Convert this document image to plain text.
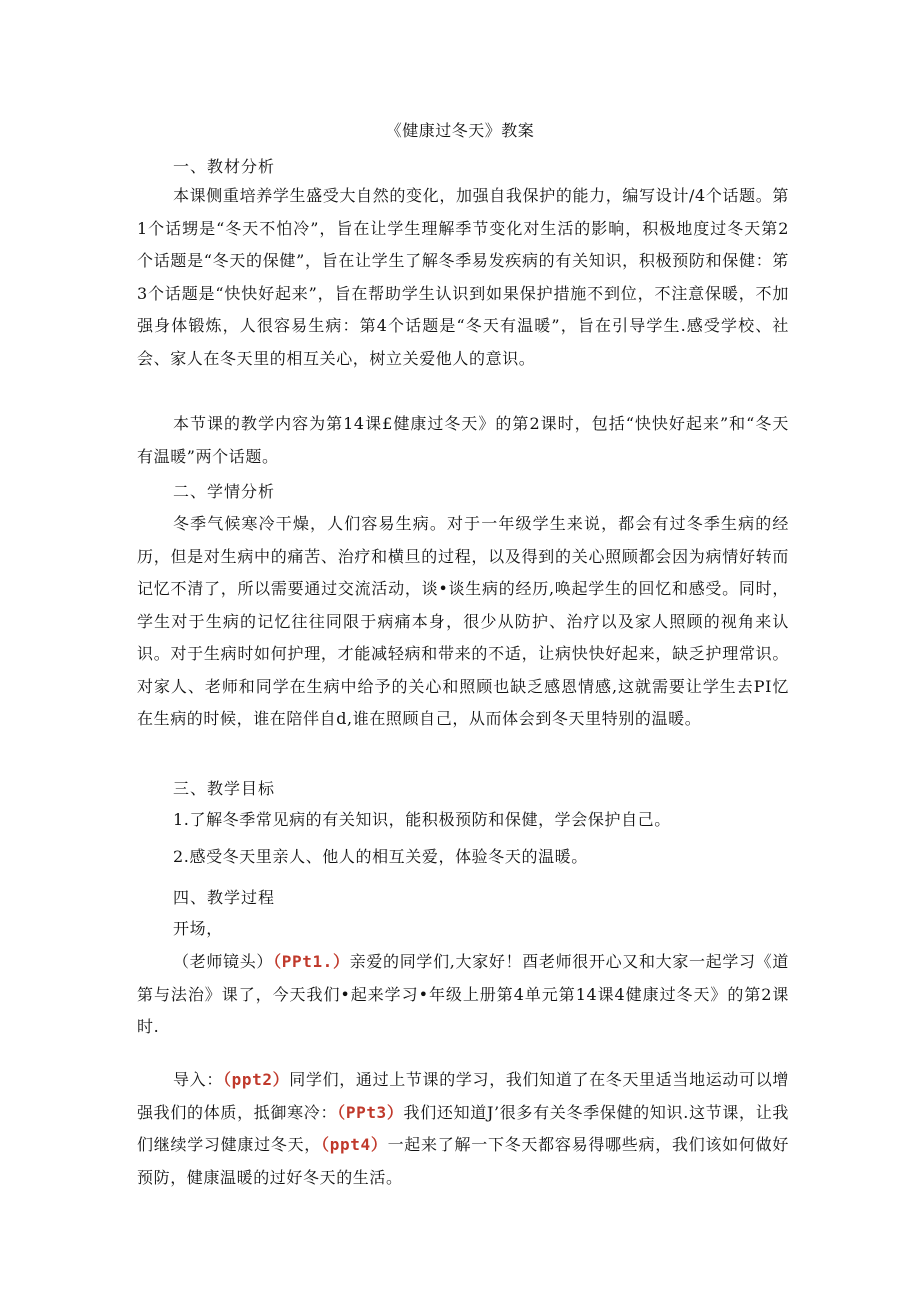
《健康过冬天》教案
一、教材分析

本课侧重培养学生盛受大自然的变化，加强自我保护的能力，编写设计/4个话题。第1个话甥是“冬天不怕冷”，旨在让学生理解季节变化对生活的影晌，积极地度过冬天第2个话题是“冬天的保健”，旨在让学生了解冬季易发疾病的有关知识，积极预防和保健：笫3个话题是“快快好起来”，旨在帮助学生认识到如果保护措施不到位，不注意保暖，不加强身体锻炼，人很容易生病：第4个话题是“冬天有温暖”，旨在引导学生.感受学校、社会、家人在冬天里的相互关心，树立关爱他人的意识。

本节课的教学内容为第14课£健康过冬天》的第2课时，包括“快快好起来”和“冬天有温暖”两个话题。

二、学情分析

冬季气候寒冷干燥，人们容易生病。对于一年级学生来说，都会有过冬季生病的经历，但是对生病中的痛苦、治疗和横旦的过程，以及得到的关心照顾都会因为病情好转而记忆不清了，所以需要通过交流活动，谈•谈生病的经历,唤起学生的回忆和感受。同时，学生对于生病的记忆往往同限于病痛本身，很少从防护、治疗以及家人照顾的视角来认识。对于生病时如何护理，才能减轻病和带来的不适，让病快快好起来，缺乏护理常识。对家人、老师和同学在生病中给予的关心和照顾也缺乏感恩情感,这就需要让学生去PI忆在生病的时候，谁在陪伴自d,谁在照顾自己，从而体会到冬天里特别的温暖。

三、教学目标
1.了解冬季常见病的有关知识，能积极预防和保健，学会保护自己。
2.感受冬天里亲人、他人的相互关爱，体验冬天的温暖。
四、教学过程
开场，

（老师镜头）（PPt1.）亲爱的同学们,大家好！酉老师很开心又和大家一起学习《道第与法治》课了，今天我们•起来学习•年级上册第4单元第14课4健康过冬天》的第2课时.

导入：（ppt2）同学们，通过上节课的学习，我们知道了在冬天里适当地运动可以增强我们的体质，抵御寒冷：（PPt3）我们还知道J’很多有关冬季保健的知识.这节课，让我们继续学习健康过冬天，（ppt4）一起来了解一下冬天都容易得哪些病，我们该如何做好预防，健康温暖的过好冬天的生活。
